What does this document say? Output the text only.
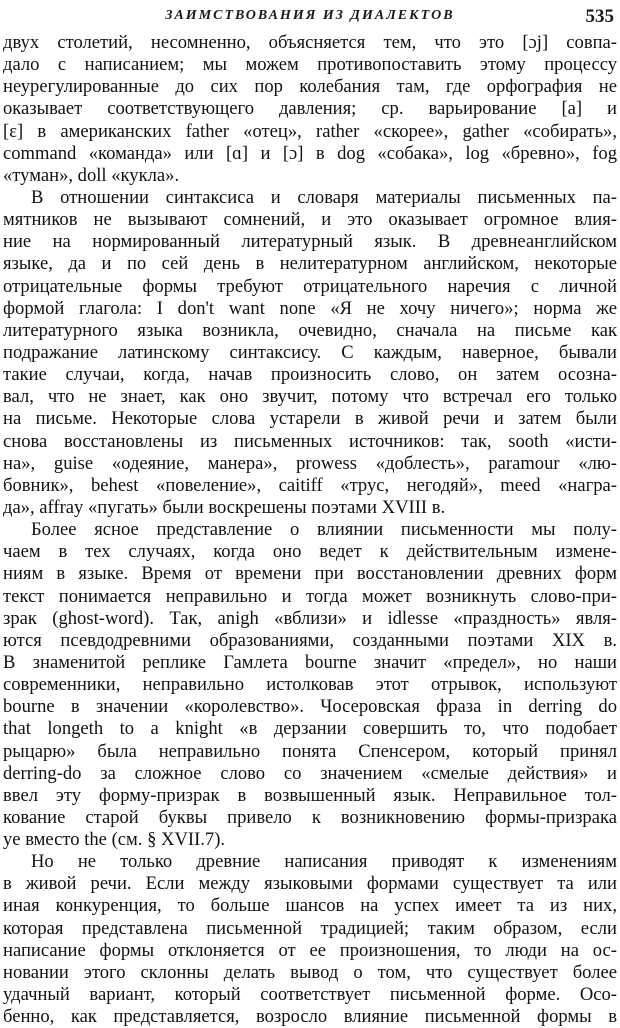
ЗАИМСТВОВАНИЯ ИЗ ДИАЛЕКТОВ	535
двух столетий, несомненно, объясняется тем, что это [ɔj] совпа-
дало с написанием; мы можем противопоставить этому процессу
неурегулированные до сих пор колебания там, где орфография не
оказывает соответствующего давления; ср. варьирование [a] и
[ɛ] в американских father «отец», rather «скорее», gather «собирать»,
command «команда» или [ɑ] и [ɔ] в dog «собака», log «бревно», fog
«туман», doll «кукла».
В отношении синтаксиса и словаря материалы письменных па-
мятников не вызывают сомнений, и это оказывает огромное влия-
ние на нормированный литературный язык. В древнеанглийском
языке, да и по сей день в нелитературном английском, некоторые
отрицательные формы требуют отрицательного наречия с личной
формой глагола: I don't want none «Я не хочу ничего»; норма же
литературного языка возникла, очевидно, сначала на письме как
подражание латинскому синтаксису. С каждым, наверное, бывали
такие случаи, когда, начав произносить слово, он затем осозна-
вал, что не знает, как оно звучит, потому что встречал его только
на письме. Некоторые слова устарели в живой речи и затем были
снова восстановлены из письменных источников: так, sooth «исти-
на», guise «одеяние, манера», prowess «доблесть», paramour «лю-
бовник», behest «повеление», caitiff «трус, негодяй», meed «награ-
да», affray «пугать» были воскрешены поэтами XVIII в.
Более ясное представление о влиянии письменности мы полу-
чаем в тех случаях, когда оно ведет к действительным измене-
ниям в языке. Время от времени при восстановлении древних форм
текст понимается неправильно и тогда может возникнуть слово-при-
зрак (ghost-word). Так, anigh «вблизи» и idlesse «праздность» явля-
ются псевдодревними образованиями, созданными поэтами XIX в.
В знаменитой реплике Гамлета bourne значит «предел», но наши
современники, неправильно истолковав этот отрывок, используют
bourne в значении «королевство». Чосеровская фраза in derring do
that longeth to a knight «в дерзании совершить то, что подобает
рыцарю» была неправильно понята Спенсером, который принял
derring-do за сложное слово со значением «смелые действия» и
ввел эту форму-призрак в возвышенный язык. Неправильное тол-
кование старой буквы привело к возникновению формы-призрака
ye вместо the (см. § XVII.7).
Но не только древние написания приводят к изменениям
в живой речи. Если между языковыми формами существует та или
иная конкуренция, то больше шансов на успех имеет та из них,
которая представлена письменной традицией; таким образом, если
написание формы отклоняется от ее произношения, то люди на ос-
новании этого склонны делать вывод о том, что существует более
удачный вариант, который соответствует письменной форме. Осо-
бенно, как представляется, возросло влияние письменной формы в
